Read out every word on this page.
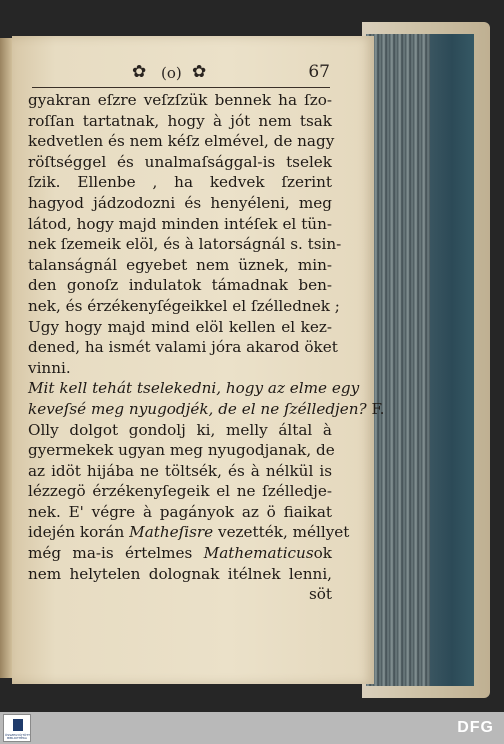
✿ (o) ✿	67
gyakran eſzre veſzſzük bennek ha ſzo-
roſſan tartatnak, hogy à jót nem tsak
kedvetlen és nem kéſz elmével, de nagy
röſtséggel és unalmaſsággal-is tselek
ſzik. Ellenbe , ha kedvek ſzerint
hagyod jádzodozni és henyéleni, meg
látod, hogy majd minden intéſek el tün-
nek ſzemeik elöl, és à latorságnál s. tsin-
talanságnál egyebet nem üznek, min-
den gonoſz indulatok támadnak ben-
nek, és érzékenyſégeikkel el ſzéllednek ;
Ugy hogy majd mind elöl kellen el kez-
dened, ha ismét valami jóra akarod öket
vinni.
Mit kell tehát tselekedni, hogy az elme egy
keveſsé meg nyugodjék, de el ne ſzélledjen? F.
Olly dolgot gondolj ki, melly által à
gyermekek ugyan meg nyugodjanak, de
az idöt hijába ne töltsék, és à nélkül is
lézzegö érzékenyſegeik el ne ſzélledje-
nek. E' végre à pagányok az ö fiaikat
idején korán Matheſisre vezették, méllyet
még ma-is értelmes Mathematicusok
nem helytelen dolognak itélnek lenni,
söt
ÖSSZEGYŰJTÖTT BIBLIOTHEKA
DFG
